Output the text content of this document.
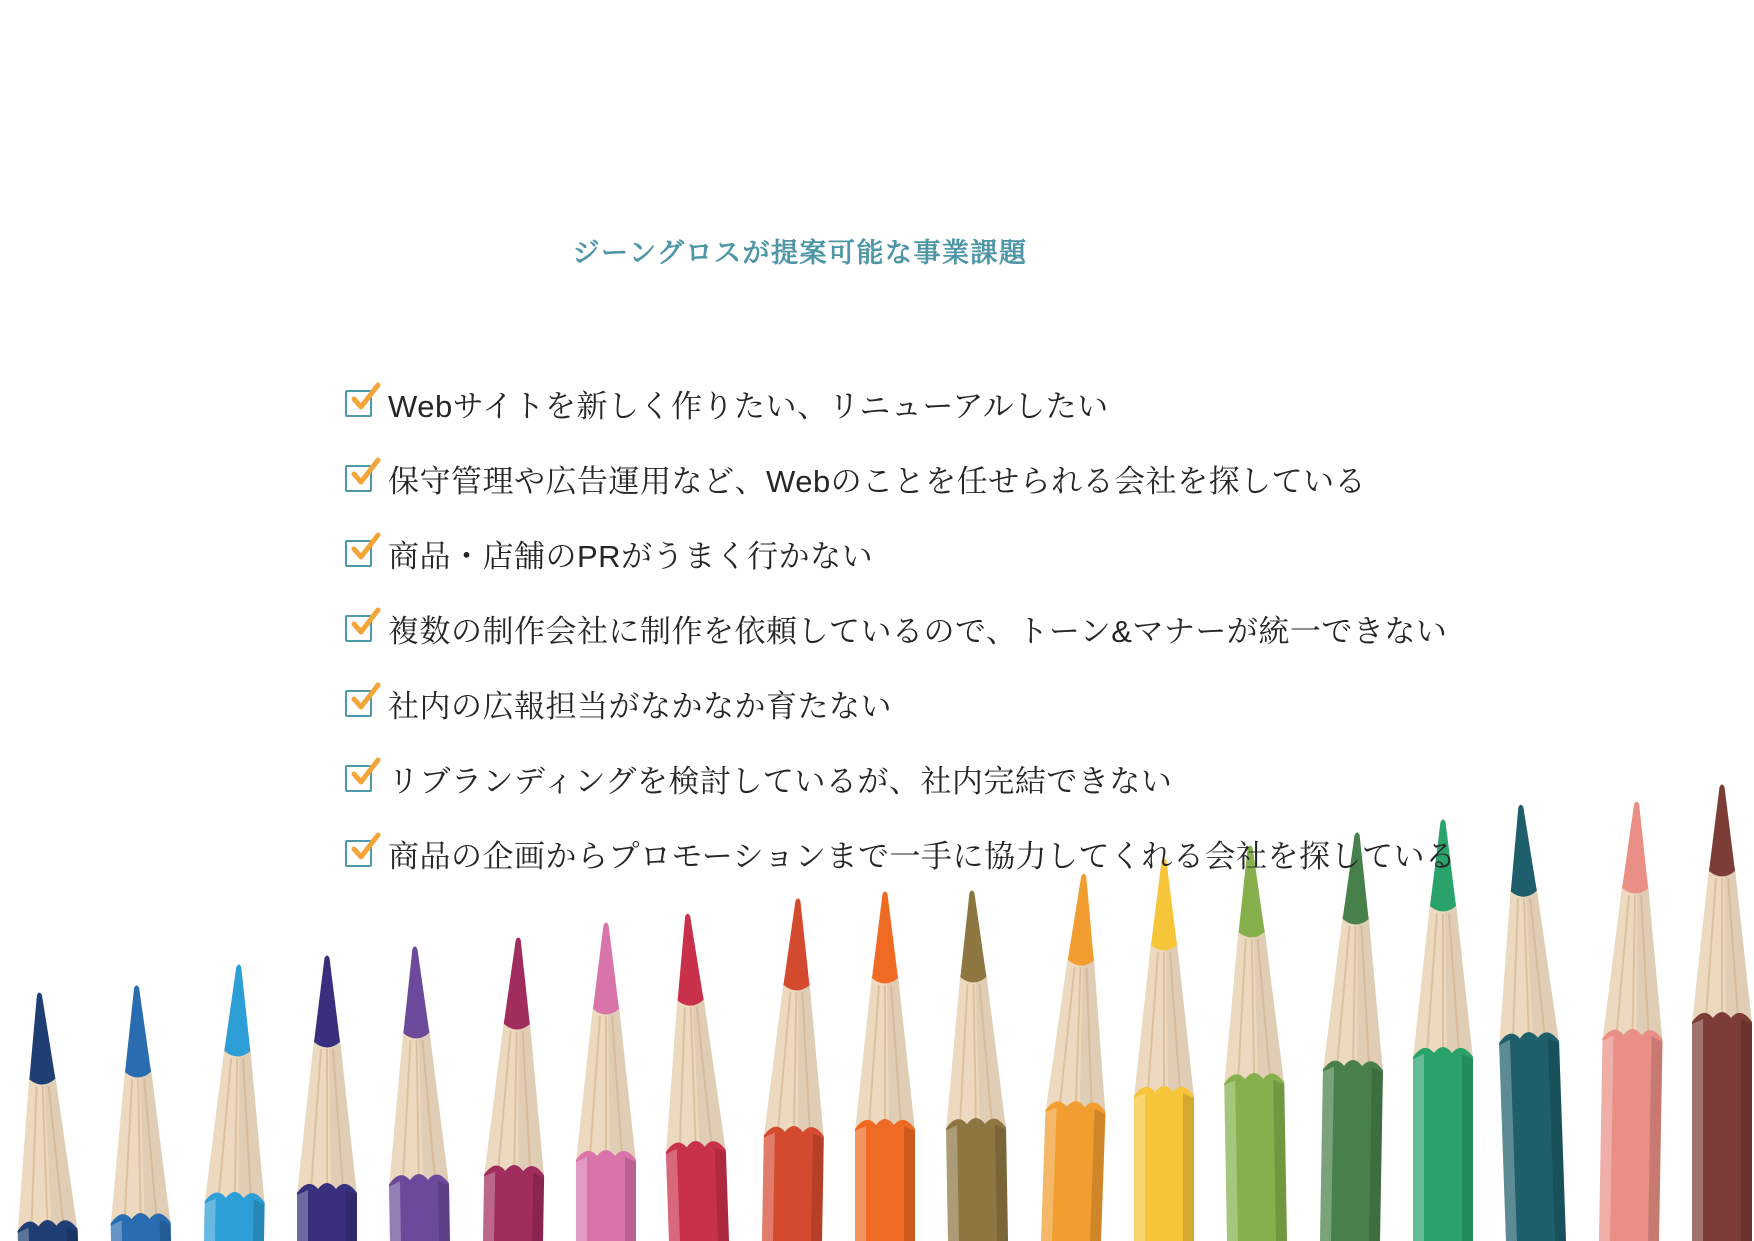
ジーングロスが提案可能な事業課題
Webサイトを新しく作りたい、リニューアルしたい
保守管理や広告運用など、Webのことを任せられる会社を探している
商品・店舗のPRがうまく行かない
複数の制作会社に制作を依頼しているので、トーン&マナーが統一できない
社内の広報担当がなかなか育たない
リブランディングを検討しているが、社内完結できない
商品の企画からプロモーションまで一手に協力してくれる会社を探している
